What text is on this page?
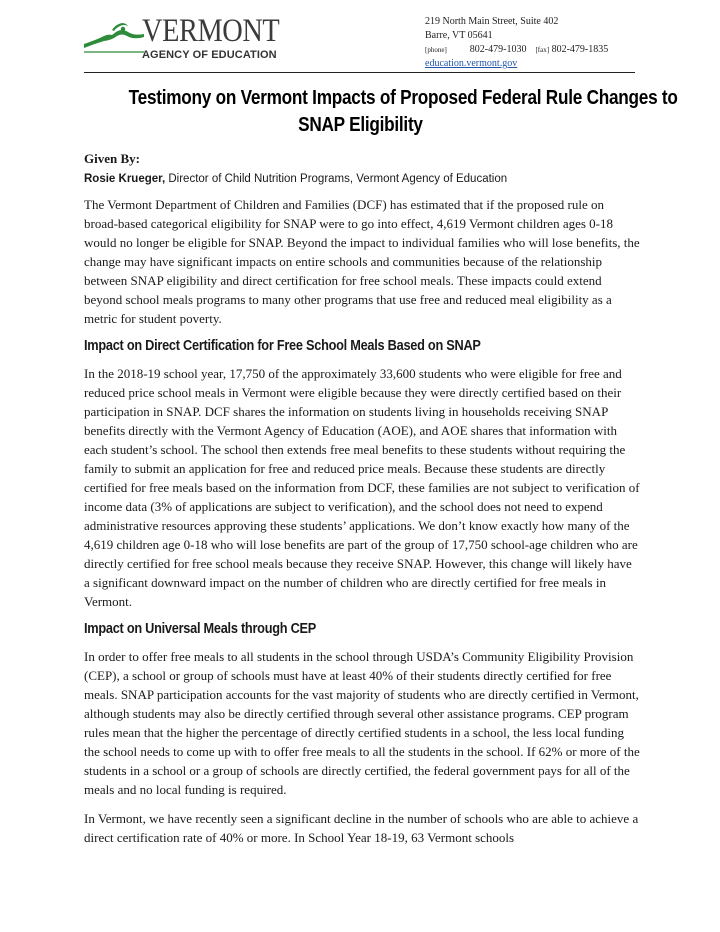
VERMONT
AGENCY OF EDUCATION
219 North Main Street, Suite 402
Barre, VT 05641
[phone] 802-479-1030 [fax] 802-479-1835
education.vermont.gov
Testimony on Vermont Impacts of Proposed Federal Rule Changes to
SNAP Eligibility
Given By:
Rosie Krueger, Director of Child Nutrition Programs, Vermont Agency of Education

The Vermont Department of Children and Families (DCF) has estimated that if the proposed rule on broad-based categorical eligibility for SNAP were to go into effect, 4,619 Vermont children ages 0-18 would no longer be eligible for SNAP. Beyond the impact to individual families who will lose benefits, the change may have significant impacts on entire schools and communities because of the relationship between SNAP eligibility and direct certification for free school meals. These impacts could extend beyond school meals programs to many other programs that use free and reduced meal eligibility as a metric for student poverty.

Impact on Direct Certification for Free School Meals Based on SNAP

In the 2018-19 school year, 17,750 of the approximately 33,600 students who were eligible for free and reduced price school meals in Vermont were eligible because they were directly certified based on their participation in SNAP. DCF shares the information on students living in households receiving SNAP benefits directly with the Vermont Agency of Education (AOE), and AOE shares that information with each student’s school. The school then extends free meal benefits to these students without requiring the family to submit an application for free and reduced price meals. Because these students are directly certified for free meals based on the information from DCF, these families are not subject to verification of income data (3% of applications are subject to verification), and the school does not need to expend administrative resources approving these students’ applications. We don’t know exactly how many of the 4,619 children age 0-18 who will lose benefits are part of the group of 17,750 school-age children who are directly certified for free school meals because they receive SNAP. However, this change will likely have a significant downward impact on the number of children who are directly certified for free meals in Vermont.

Impact on Universal Meals through CEP

In order to offer free meals to all students in the school through USDA’s Community Eligibility Provision (CEP), a school or group of schools must have at least 40% of their students directly certified for free meals. SNAP participation accounts for the vast majority of students who are directly certified in Vermont, although students may also be directly certified through several other assistance programs. CEP program rules mean that the higher the percentage of directly certified students in a school, the less local funding the school needs to come up with to offer free meals to all the students in the school. If 62% or more of the students in a school or a group of schools are directly certified, the federal government pays for all of the meals and no local funding is required.

In Vermont, we have recently seen a significant decline in the number of schools who are able to achieve a direct certification rate of 40% or more. In School Year 18-19, 63 Vermont schools
